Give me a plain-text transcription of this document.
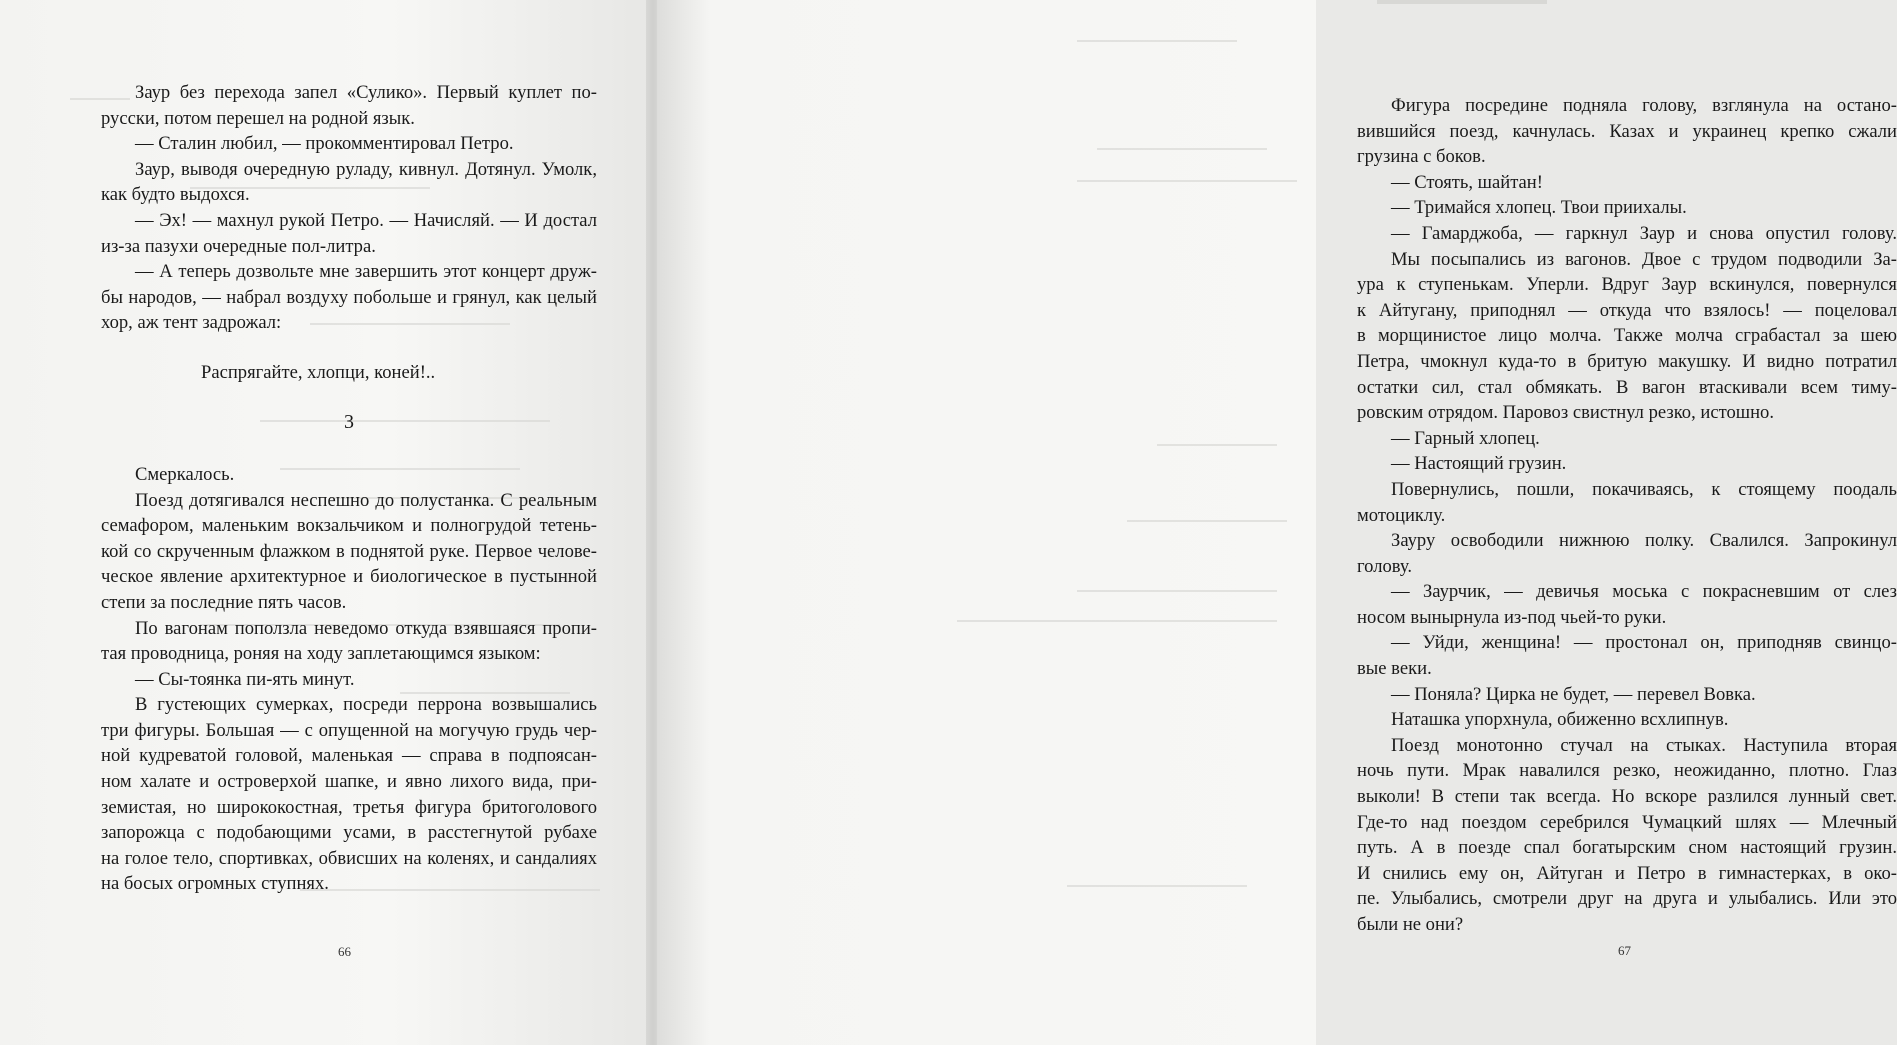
Заур без перехода запел «Сулико». Первый куплет по-
русски, потом перешел на родной язык.
— Сталин любил, — прокомментировал Петро.
Заур, выводя очередную руладу, кивнул. Дотянул. Умолк,
как будто выдохся.
— Эх! — махнул рукой Петро. — Начисляй. — И достал
из-за пазухи очередные пол-литра.
— А теперь дозвольте мне завершить этот концерт друж-
бы народов, — набрал воздуху побольше и грянул, как целый
хор, аж тент задрожал:
Распрягайте, хлопци, коней!..
3
Смеркалось.
Поезд дотягивался неспешно до полустанка. С реальным
семафором, маленьким вокзальчиком и полногрудой тетень-
кой со скрученным флажком в поднятой руке. Первое челове-
ческое явление архитектурное и биологическое в пустынной
степи за последние пять часов.
По вагонам поползла неведомо откуда взявшаяся пропи-
тая проводница, роняя на ходу заплетающимся языком:
— Сы-тоянка пи-ять минут.
В густеющих сумерках, посреди перрона возвышались
три фигуры. Большая — с опущенной на могучую грудь чер-
ной кудреватой головой, маленькая — справа в подпоясан-
ном халате и островерхой шапке, и явно лихого вида, при-
земистая, но ширококостная, третья фигура бритоголового
запорожца с подобающими усами, в расстегнутой рубахе
на голое тело, спортивках, обвисших на коленях, и сандалиях
на босых огромных ступнях.
66
Фигура посредине подняла голову, взглянула на остано-
вившийся поезд, качнулась. Казах и украинец крепко сжали
грузина с боков.
— Стоять, шайтан!
— Тримайся хлопец. Твои приихалы.
— Гамарджоба, — гаркнул Заур и снова опустил голову.
Мы посыпались из вагонов. Двое с трудом подводили За-
ура к ступенькам. Уперли. Вдруг Заур вскинулся, повернулся
к Айтугану, приподнял — откуда что взялось! — поцеловал
в морщинистое лицо молча. Также молча сграбастал за шею
Петра, чмокнул куда-то в бритую макушку. И видно потратил
остатки сил, стал обмякать. В вагон втаскивали всем тиму-
ровским отрядом. Паровоз свистнул резко, истошно.
— Гарный хлопец.
— Настоящий грузин.
Повернулись, пошли, покачиваясь, к стоящему поодаль
мотоциклу.
Зауру освободили нижнюю полку. Свалился. Запрокинул
голову.
— Заурчик, — девичья моська с покрасневшим от слез
носом вынырнула из-под чьей-то руки.
— Уйди, женщина! — простонал он, приподняв свинцо-
вые веки.
— Поняла? Цирка не будет, — перевел Вовка.
Наташка упорхнула, обиженно всхлипнув.
Поезд монотонно стучал на стыках. Наступила вторая
ночь пути. Мрак навалился резко, неожиданно, плотно. Глаз
выколи! В степи так всегда. Но вскоре разлился лунный свет.
Где-то над поездом серебрился Чумацкий шлях — Млечный
путь. А в поезде спал богатырским сном настоящий грузин.
И снились ему он, Айтуган и Петро в гимнастерках, в око-
пе. Улыбались, смотрели друг на друга и улыбались. Или это
были не они?
67
